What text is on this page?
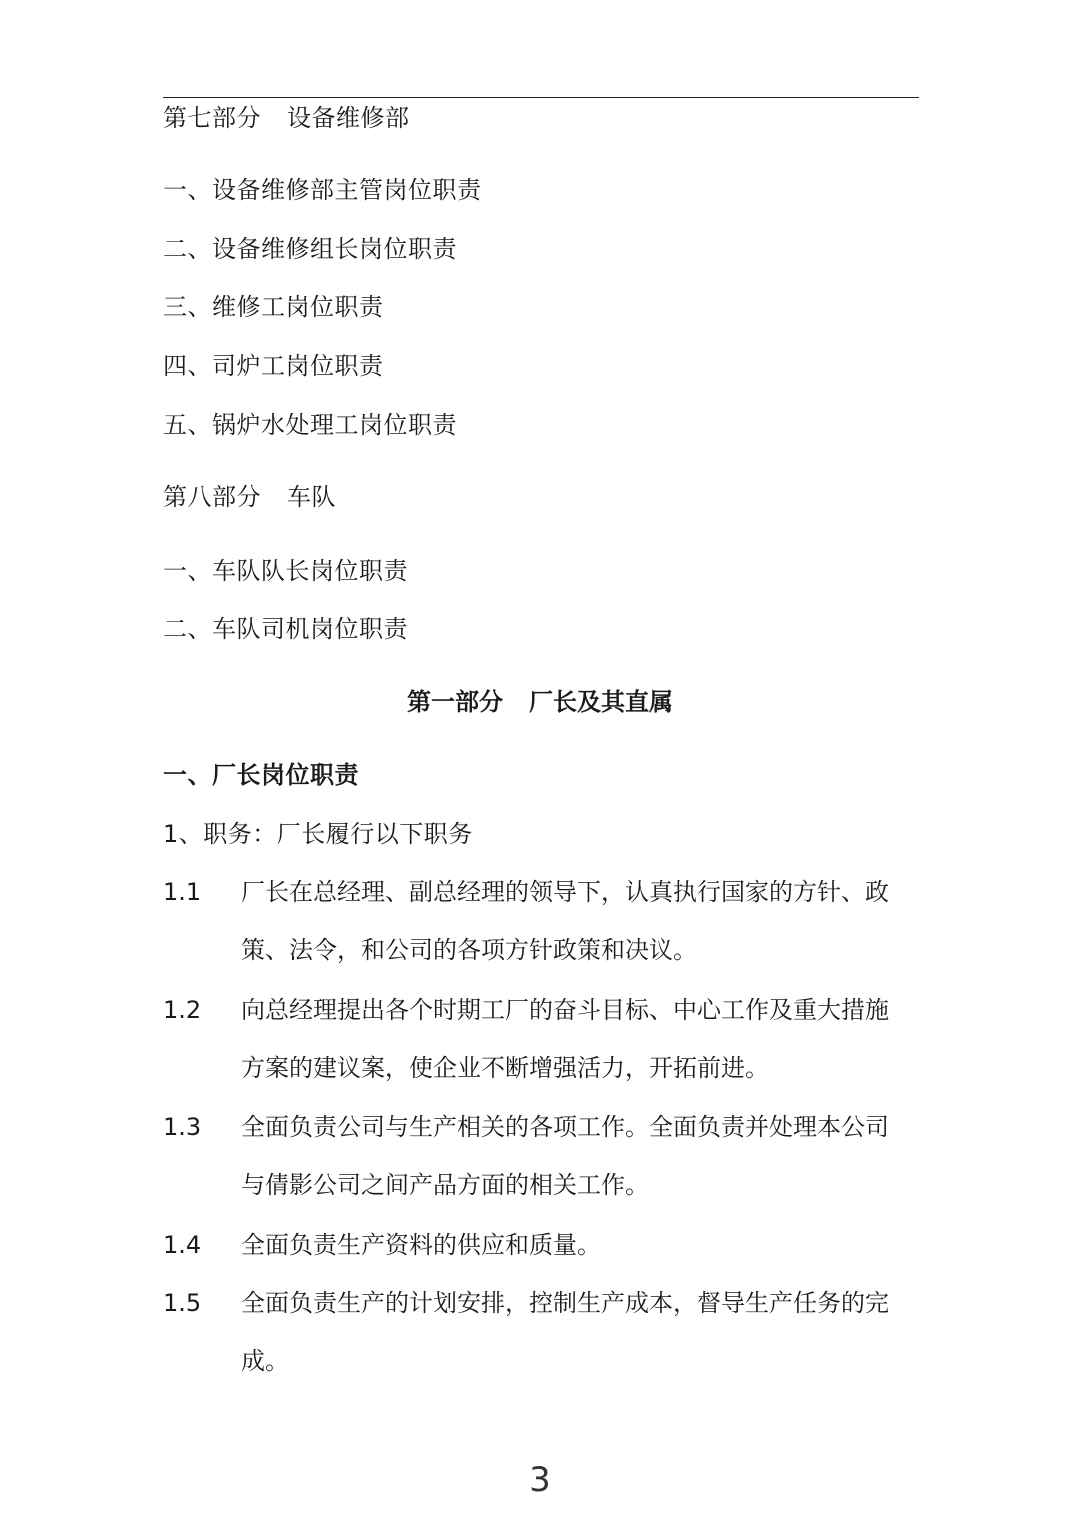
第七部分 设备维修部
一、设备维修部主管岗位职责
二、设备维修组长岗位职责
三、维修工岗位职责
四、司炉工岗位职责
五、锅炉水处理工岗位职责
第八部分 车队
一、车队队长岗位职责
二、车队司机岗位职责
第一部分 厂长及其直属
一、厂长岗位职责
1、职务：厂长履行以下职务
1.1	厂长在总经理、副总经理的领导下，认真执行国家的方针、政
策、法令，和公司的各项方针政策和决议。
1.2	向总经理提出各个时期工厂的奋斗目标、中心工作及重大措施
方案的建议案，使企业不断增强活力，开拓前进。
1.3	全面负责公司与生产相关的各项工作。全面负责并处理本公司
与倩影公司之间产品方面的相关工作。
1.4	全面负责生产资料的供应和质量。
1.5	全面负责生产的计划安排，控制生产成本，督导生产任务的完
成。
3
